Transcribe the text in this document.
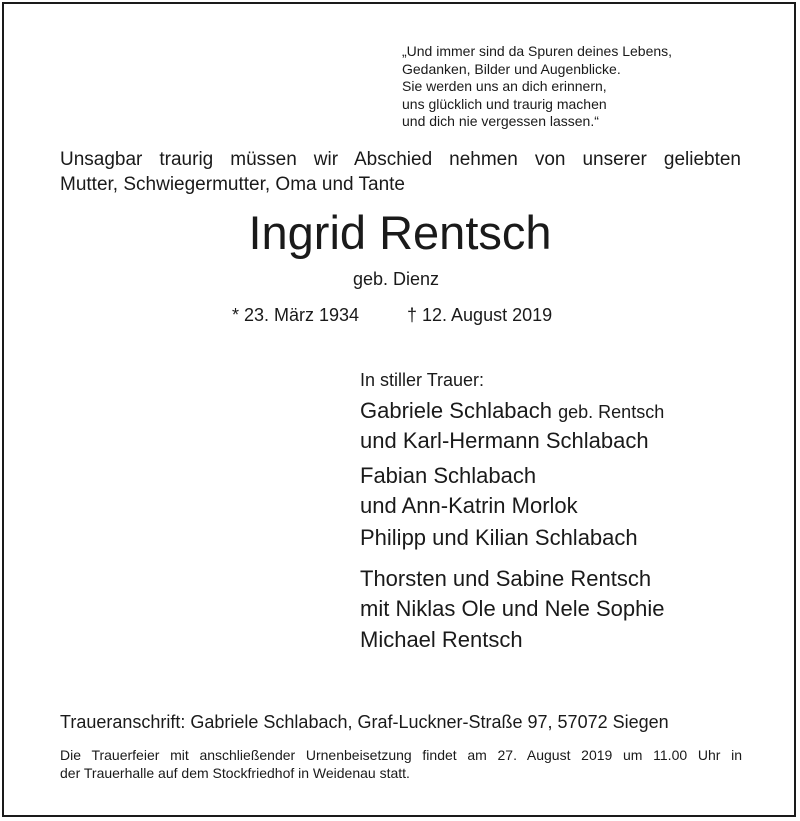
„Und immer sind da Spuren deines Lebens,
Gedanken, Bilder und Augenblicke.
Sie werden uns an dich erinnern,
uns glücklich und traurig machen
und dich nie vergessen lassen.“
Unsagbar traurig müssen wir Abschied nehmen von unserer geliebten
Mutter, Schwiegermutter, Oma und Tante
Ingrid Rentsch
geb. Dienz
* 23. März 1934	† 12. August 2019
In stiller Trauer:
Gabriele Schlabach geb. Rentsch
und Karl-Hermann Schlabach
Fabian Schlabach
und Ann-Katrin Morlok
Philipp und Kilian Schlabach
Thorsten und Sabine Rentsch
mit Niklas Ole und Nele Sophie
Michael Rentsch
Traueranschrift: Gabriele Schlabach, Graf-Luckner-Straße 97, 57072 Siegen
Die Trauerfeier mit anschließender Urnenbeisetzung findet am 27. August 2019 um 11.00 Uhr in
der Trauerhalle auf dem Stockfriedhof in Weidenau statt.
